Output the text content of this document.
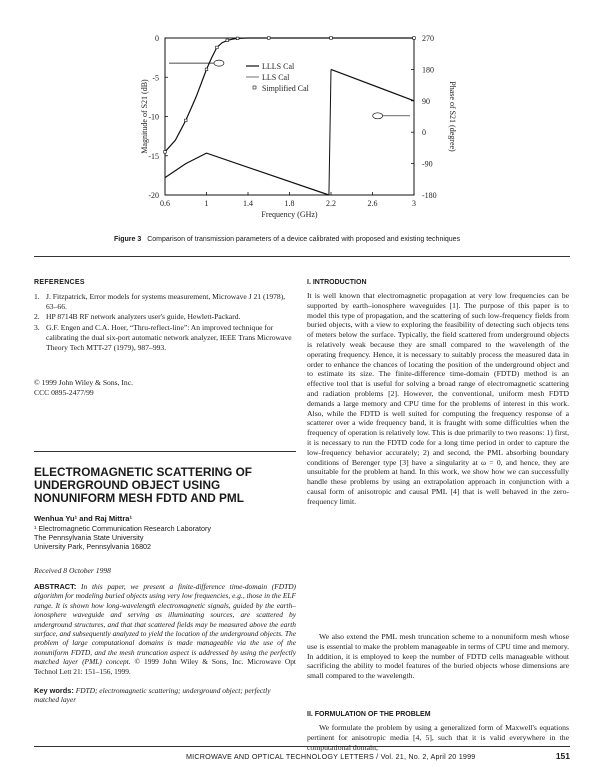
0.6	1	1.4	1.8	2.2	2.6	3
0
-5
-10
-15
-20
270
180
90
0
-90
-180
Frequency (GHz)
Magnitude of S21 (dB)	Phase of S21 (degree)
LLLS Cal
LLS Cal
Simplified Cal
Figure 3 Comparison of transmission parameters of a device calibrated with proposed and existing techniques
REFERENCES
1. J. Fitzpatrick, Error models for systems measurement, Microwave J 21 (1978), 63–66.
2. HP 8714B RF network analyzers user's guide, Hewlett-Packard.
3. G.F. Engen and C.A. Hoer, “Thru-reflect-line”: An improved technique for calibrating the dual six-port automatic network analyzer, IEEE Trans Microwave Theory Tech MTT-27 (1979), 987–993.
© 1999 John Wiley & Sons, Inc.
CCC 0895-2477/99
ELECTROMAGNETIC SCATTERING OF UNDERGROUND OBJECT USING NONUNIFORM MESH FDTD AND PML
Wenhua Yu¹ and Raj Mittra¹
¹ Electromagnetic Communication Research Laboratory
The Pennsylvania State University
University Park, Pennsylvania 16802
Received 8 October 1998
ABSTRACT: In this paper, we present a finite-difference time-domain (FDTD) algorithm for modeling buried objects using very low frequencies, e.g., those in the ELF range. It is shown how long-wavelength electromagnetic signals, guided by the earth–ionosphere waveguide and serving as illuminating sources, are scattered by underground structures, and that that scattered fields may be measured above the earth surface, and subsequently analyzed to yield the location of the underground objects. The problem of large computational domains is made manageable via the use of the nonuniform FDTD, and the mesh truncation aspect is addressed by using the perfectly matched layer (PML) concept. © 1999 John Wiley & Sons, Inc. Microwave Opt Technol Lett 21: 151–156, 1999.
Key words: FDTD; electromagnetic scattering; underground object; perfectly matched layer
I. INTRODUCTION
It is well known that electromagnetic propagation at very low frequencies can be supported by earth–ionosphere waveguides [1]. The purpose of this paper is to model this type of propagation, and the scattering of such low-frequency fields from buried objects, with a view to exploring the feasibility of detecting such objects tens of meters below the surface. Typically, the field scattered from underground objects is relatively weak because they are small compared to the wavelength of the operating frequency. Hence, it is necessary to suitably process the measured data in order to enhance the chances of locating the position of the underground object and to estimate its size. The finite-difference time-domain (FDTD) method is an effective tool that is useful for solving a broad range of electromagnetic scattering and radiation problems [2]. However, the conventional, uniform mesh FDTD demands a large memory and CPU time for the problems of interest in this work. Also, while the FDTD is well suited for computing the frequency response of a scatterer over a wide frequency band, it is fraught with some difficulties when the frequency of operation is relatively low. This is due primarily to two reasons: 1) first, it is necessary to run the FDTD code for a long time period in order to capture the low-frequency behavior accurately; 2) and second, the PML absorbing boundary conditions of Berenger type [3] have a singularity at ω = 0, and hence, they are unsuitable for the problem at hand. In this work, we show how we can successfully handle these problems by using an extrapolation approach in conjunction with a causal form of anisotropic and causal PML [4] that is well behaved in the zero-frequency limit.
We also extend the PML mesh truncation scheme to a nonuniform mesh whose use is essential to make the problem manageable in terms of CPU time and memory. In addition, it is employed to keep the number of FDTD cells manageable without sacrificing the ability to model features of the buried objects whose dimensions are small compared to the wavelength.
II. FORMULATION OF THE PROBLEM
We formulate the problem by using a generalized form of Maxwell's equations pertinent for anisotropic media [4, 5], such that it is valid everywhere in the computational domain,
MICROWAVE AND OPTICAL TECHNOLOGY LETTERS / Vol. 21, No. 2, April 20 1999	151
